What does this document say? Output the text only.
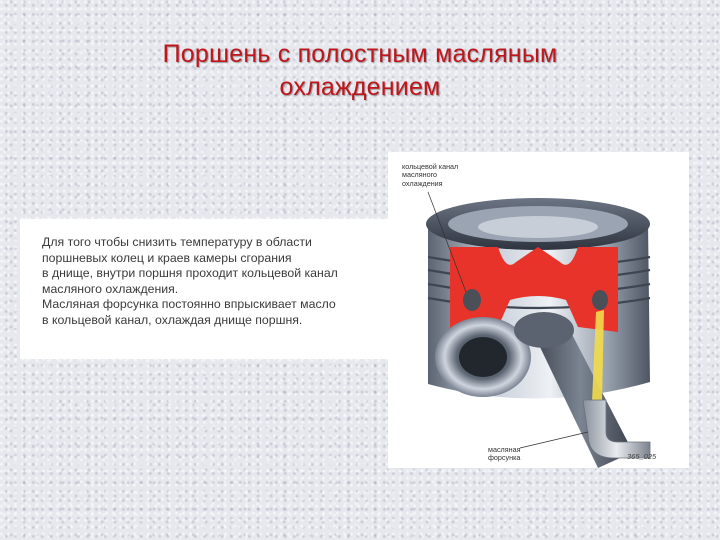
Поршень с полостным масляным
охлаждением

Для того чтобы снизить температуру в области

поршневых колец и краев камеры сгорания

в днище, внутри поршня проходит кольцевой канал

масляного охлаждения.

Масляная форсунка постоянно впрыскивает масло

в кольцевой канал, охлаждая днище поршня.

кольцевой канал
масляного
охлаждения
масляная
форсунка	365_025
